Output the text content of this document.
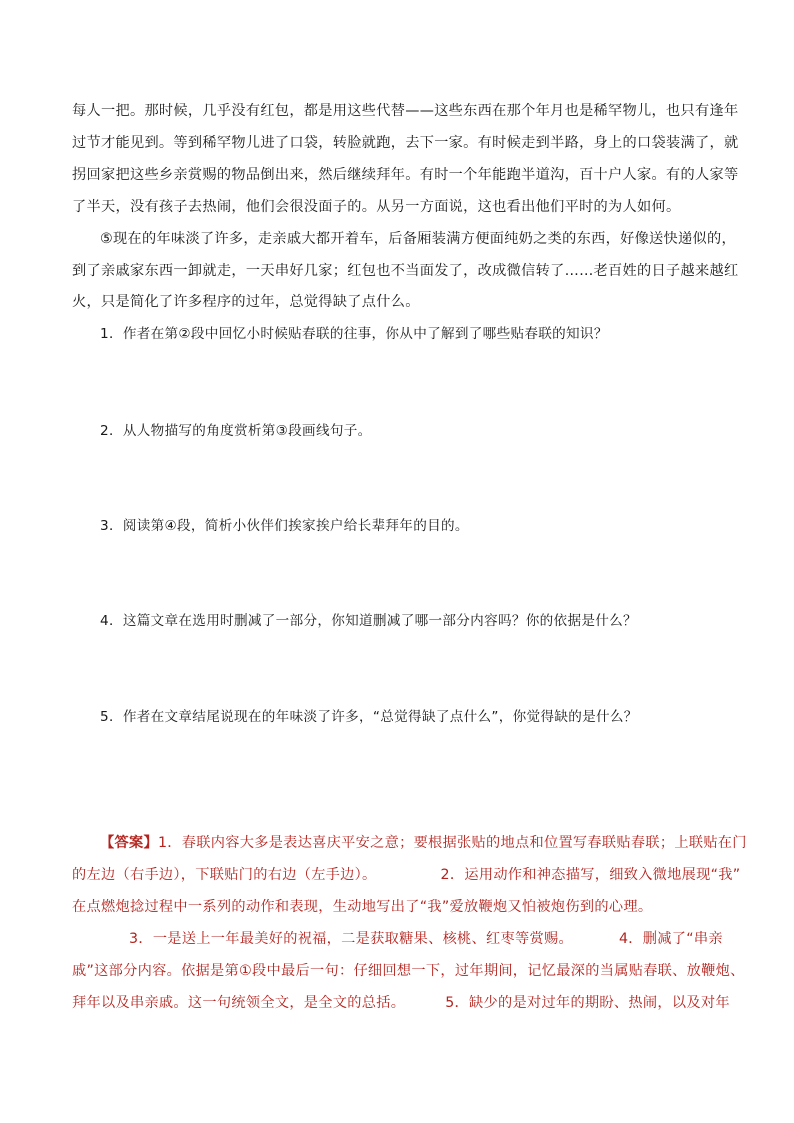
每人一把。那时候，几乎没有红包，都是用这些代替——这些东西在那个年月也是稀罕物儿，也只有逢年
过节才能见到。等到稀罕物儿进了口袋，转脸就跑，去下一家。有时候走到半路，身上的口袋装满了，就
拐回家把这些乡亲赏赐的物品倒出来，然后继续拜年。有时一个年能跑半道沟，百十户人家。有的人家等
了半天，没有孩子去热闹，他们会很没面子的。从另一方面说，这也看出他们平时的为人如何。
⑤现在的年味淡了许多，走亲戚大都开着车，后备厢装满方便面纯奶之类的东西，好像送快递似的，
到了亲戚家东西一卸就走，一天串好几家；红包也不当面发了，改成微信转了……老百姓的日子越来越红
火，只是简化了许多程序的过年，总觉得缺了点什么。
1．作者在第②段中回忆小时候贴春联的往事，你从中了解到了哪些贴春联的知识？
2．从人物描写的角度赏析第③段画线句子。
3．阅读第④段，简析小伙伴们挨家挨户给长辈拜年的目的。
4．这篇文章在选用时删减了一部分，你知道删减了哪一部分内容吗？你的依据是什么？
5．作者在文章结尾说现在的年味淡了许多，“总觉得缺了点什么”，你觉得缺的是什么？
【答案】1．春联内容大多是表达喜庆平安之意；要根据张贴的地点和位置写春联贴春联；上联贴在门
的左边（右手边），下联贴门的右边（左手边）。	2．运用动作和神态描写，细致入微地展现“我”
在点燃炮捻过程中一系列的动作和表现，生动地写出了“我”爱放鞭炮又怕被炮伤到的心理。
3．一是送上一年最美好的祝福，二是获取糖果、核桃、红枣等赏赐。	4．删减了“串亲
戚”这部分内容。依据是第①段中最后一句：仔细回想一下，过年期间，记忆最深的当属贴春联、放鞭炮、
拜年以及串亲戚。这一句统领全文，是全文的总括。	5．缺少的是对过年的期盼、热闹，以及对年
